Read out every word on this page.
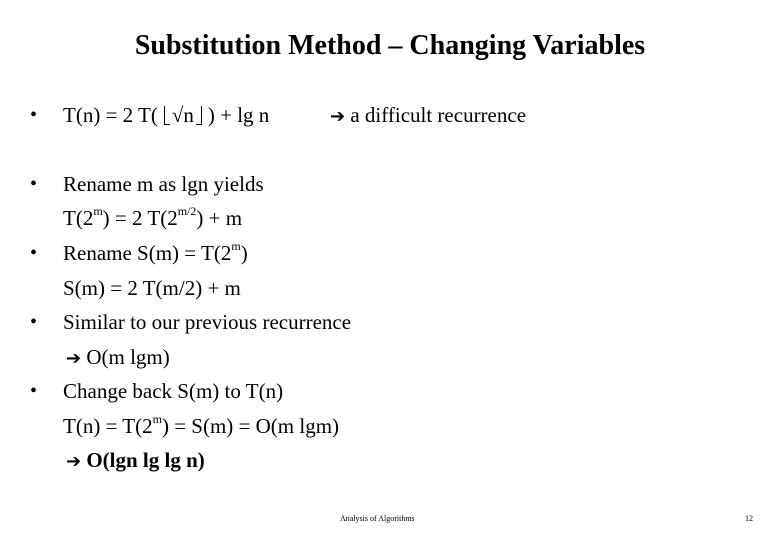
Substitution Method – Changing Variables
• T(n) = 2 T( √n ) + lg n	➔ a difficult recurrence
• Rename m as lgn yields
$T(2^m) = 2$ $T(2^{m/2}) + m$
• Rename $S(m) = T(2^m)$
S(m) = 2 T(m/2) + m
• Similar to our previous recurrence
➔ O(m lgm)
• Change back S(m) to T(n)
$T(n) = T(2^m) = S(m) = O(m$ lgm)
➔ O(lgn lg lg n)
Analysis of Algorithms	12
